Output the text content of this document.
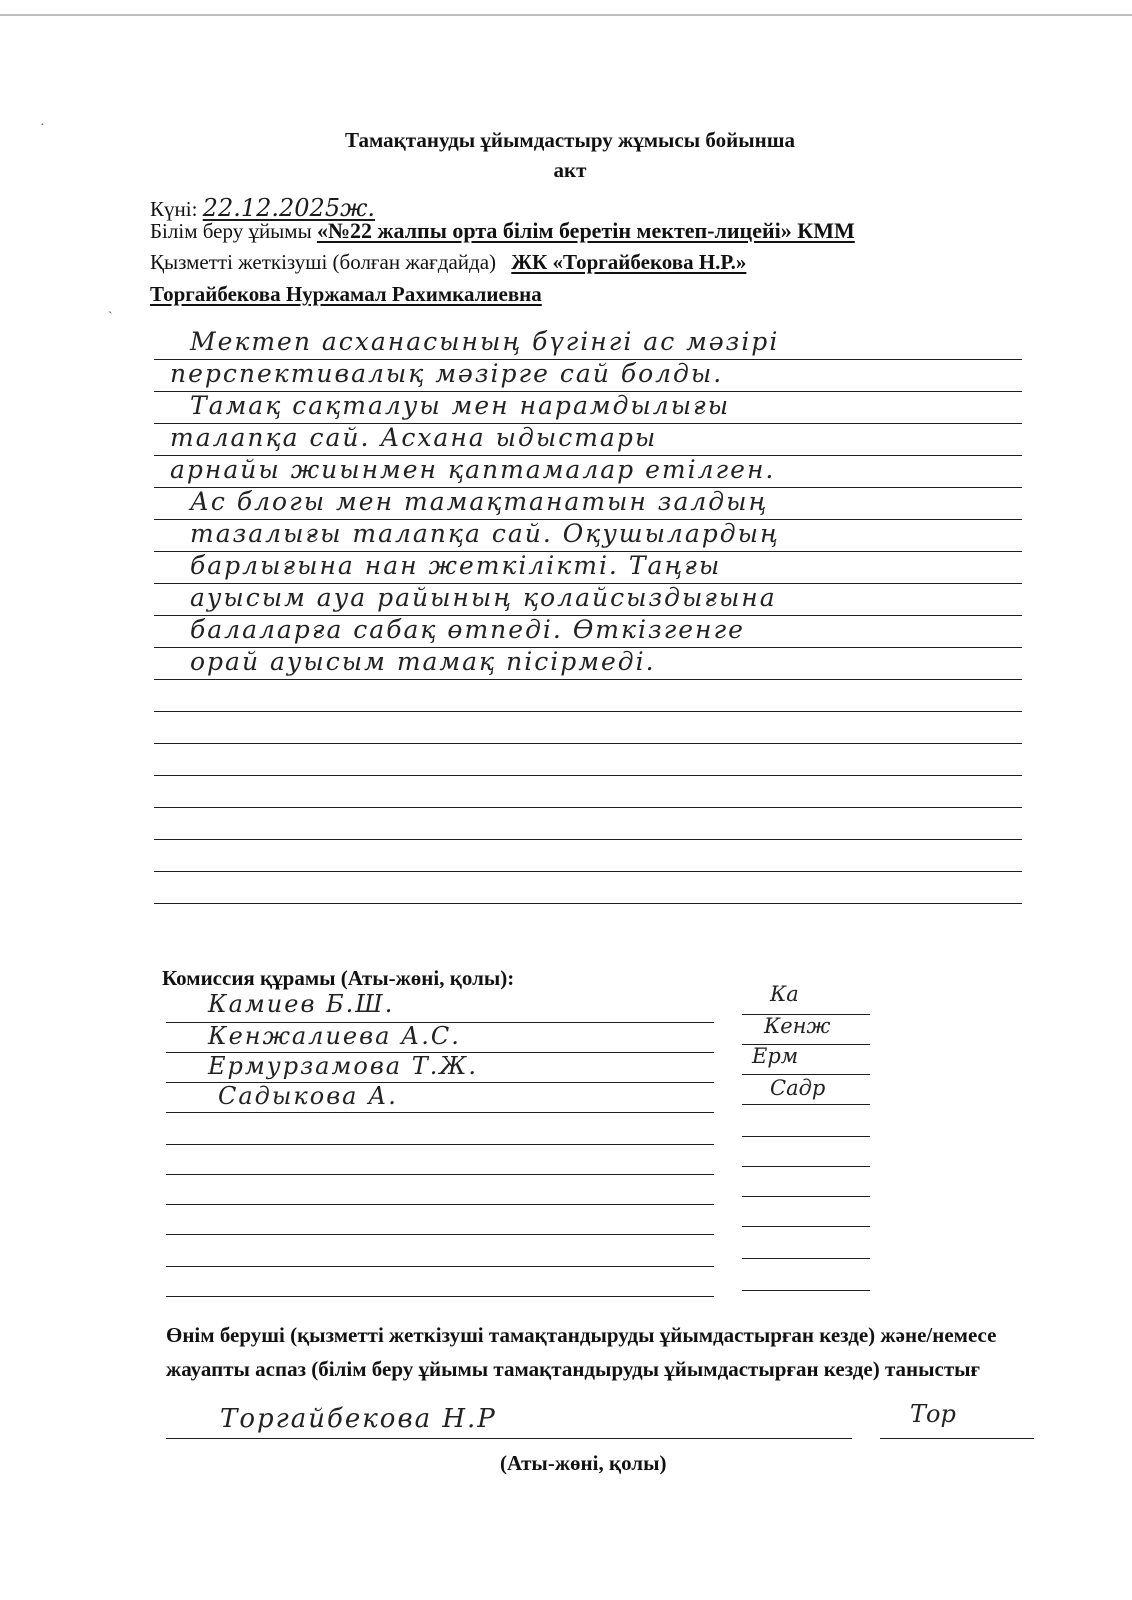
Тамақтануды ұйымдастыру жұмысы бойынша
акт
Күні: 22.12.2025ж.
Білім беру ұйымы «№22 жалпы орта білім беретін мектеп-лицейі» КММ
Қызметті жеткізуші (болған жағдайда) ЖК «Торгайбекова Н.Р.»
Торгайбекова Нуржамал Рахимкалиевна
Мектеп асханасының бүгінгі ас мәзірі
перспективалық мәзірге сай болды.
Тамақ сақталуы мен нарамдылығы
талапқа сай. Асхана ыдыстары
арнайы жиынмен қаптамалар етілген.
Ас блогы мен тамақтанатын залдың
тазалығы талапқа сай. Оқушылардың
барлығына нан жеткілікті. Таңғы
ауысым ауа райының қолайсыздығына
балаларға сабақ өтпеді. Өткізгенге
орай ауысым тамақ пісірмеді.
Комиссия құрамы (Аты-жөні, қолы):
Камиев Б.Ш.
Кенжалиева А.С.
Ермурзамова Т.Ж.
Садыкова А.
Ка
Кенж
Ерм
Садр
Өнім беруші (қызметті жеткізуші тамақтандыруды ұйымдастырған кезде) және/немесе жауапты аспаз (білім беру ұйымы тамақтандыруды ұйымдастырған кезде) таныстығ
Торгайбекова Н.Р	Тор
(Аты-жөні, қолы)
·
˴
